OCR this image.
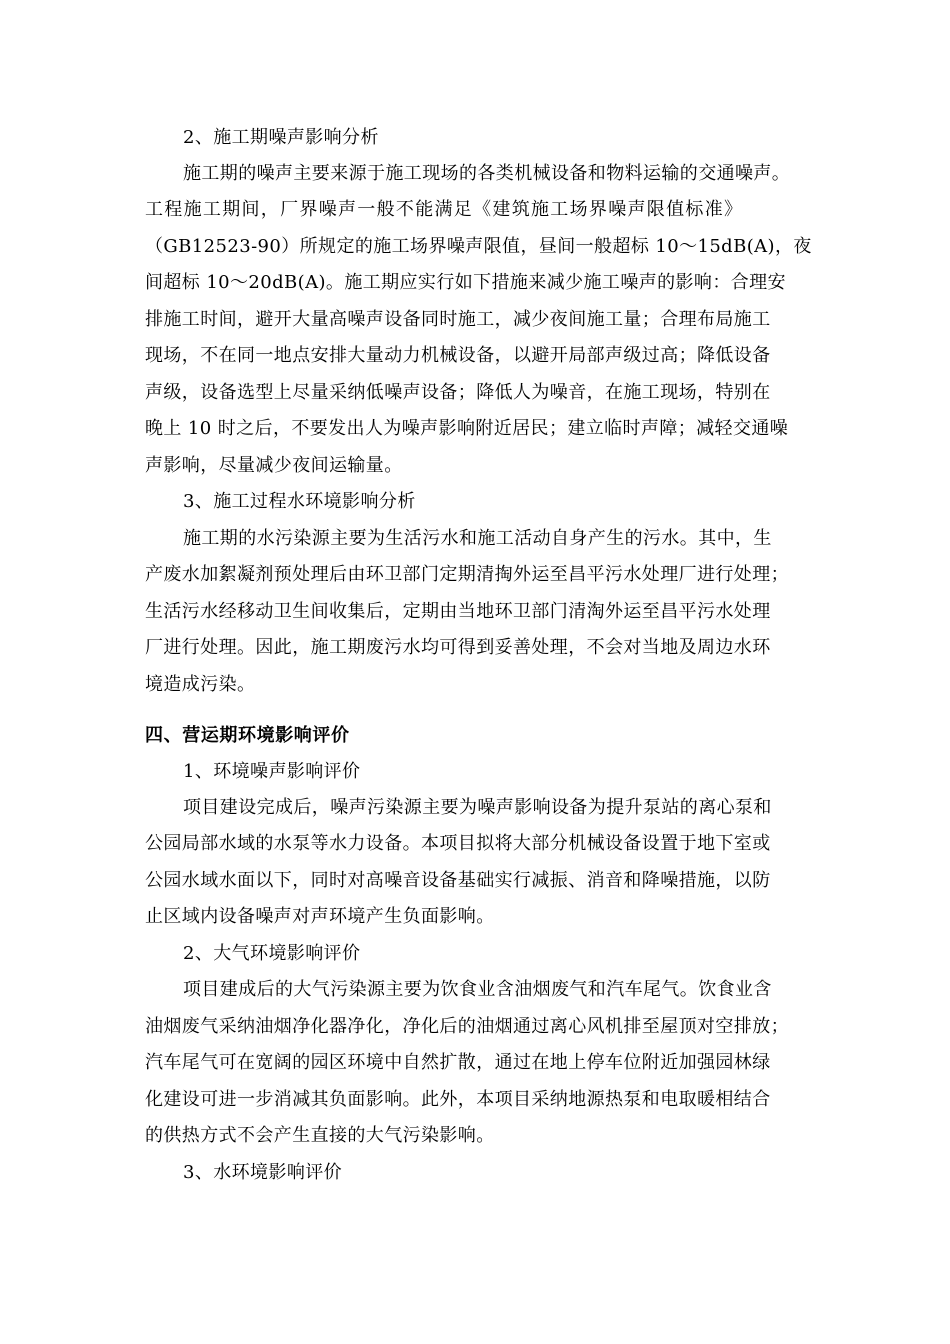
2、施工期噪声影响分析
施工期的噪声主要来源于施工现场的各类机械设备和物料运输的交通噪声。
工程施工期间，厂界噪声一般不能满足《建筑施工场界噪声限值标准》
（GB12523-90）所规定的施工场界噪声限值，昼间一般超标 10～15dB(A)，夜
间超标 10～20dB(A)。施工期应实行如下措施来减少施工噪声的影响：合理安
排施工时间，避开大量高噪声设备同时施工，减少夜间施工量；合理布局施工
现场，不在同一地点安排大量动力机械设备，以避开局部声级过高；降低设备
声级，设备选型上尽量采纳低噪声设备；降低人为噪音，在施工现场，特别在
晚上 10 时之后，不要发出人为噪声影响附近居民；建立临时声障；减轻交通噪
声影响，尽量减少夜间运输量。
3、施工过程水环境影响分析
施工期的水污染源主要为生活污水和施工活动自身产生的污水。其中，生
产废水加絮凝剂预处理后由环卫部门定期清掏外运至昌平污水处理厂进行处理；
生活污水经移动卫生间收集后，定期由当地环卫部门清淘外运至昌平污水处理
厂进行处理。因此，施工期废污水均可得到妥善处理，不会对当地及周边水环
境造成污染。
四、营运期环境影响评价
1、环境噪声影响评价
项目建设完成后，噪声污染源主要为噪声影响设备为提升泵站的离心泵和
公园局部水域的水泵等水力设备。本项目拟将大部分机械设备设置于地下室或
公园水域水面以下，同时对高噪音设备基础实行减振、消音和降噪措施，以防
止区域内设备噪声对声环境产生负面影响。
2、大气环境影响评价
项目建成后的大气污染源主要为饮食业含油烟废气和汽车尾气。饮食业含
油烟废气采纳油烟净化器净化，净化后的油烟通过离心风机排至屋顶对空排放；
汽车尾气可在宽阔的园区环境中自然扩散，通过在地上停车位附近加强园林绿
化建设可进一步消减其负面影响。此外，本项目采纳地源热泵和电取暖相结合
的供热方式不会产生直接的大气污染影响。
3、水环境影响评价
